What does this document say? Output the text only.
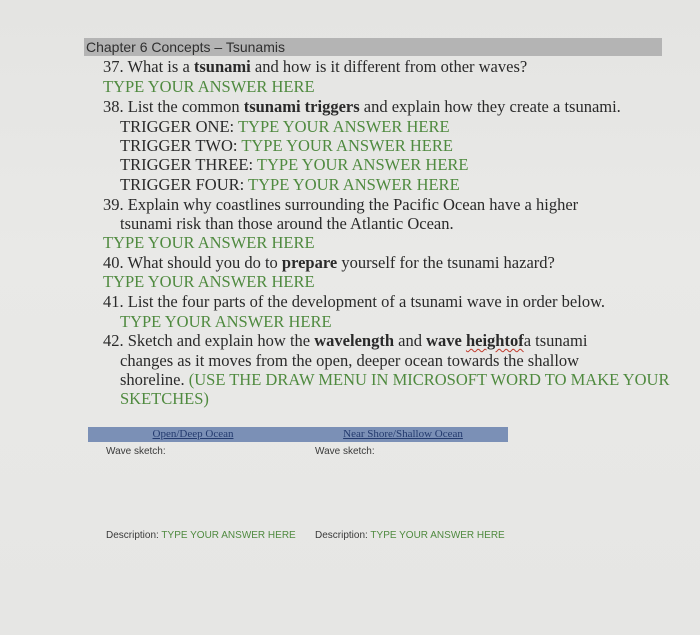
Chapter 6 Concepts – Tsunamis
37. What is a tsunami and how is it different from other waves?
TYPE YOUR ANSWER HERE
38. List the common tsunami triggers and explain how they create a tsunami.
TRIGGER ONE: TYPE YOUR ANSWER HERE
TRIGGER TWO: TYPE YOUR ANSWER HERE
TRIGGER THREE: TYPE YOUR ANSWER HERE
TRIGGER FOUR: TYPE YOUR ANSWER HERE
39. Explain why coastlines surrounding the Pacific Ocean have a higher
tsunami risk than those around the Atlantic Ocean.
TYPE YOUR ANSWER HERE
40. What should you do to prepare yourself for the tsunami hazard?
TYPE YOUR ANSWER HERE
41. List the four parts of the development of a tsunami wave in order below.
TYPE YOUR ANSWER HERE
42. Sketch and explain how the wavelength and wave heightofa tsunami
changes as it moves from the open, deeper ocean towards the shallow
shoreline. (USE THE DRAW MENU IN MICROSOFT WORD TO MAKE YOUR
SKETCHES)
Open/Deep Ocean	Near Shore/Shallow Ocean
Wave sketch:	Wave sketch:
Description: TYPE YOUR ANSWER HERE Description: TYPE YOUR ANSWER HERE
